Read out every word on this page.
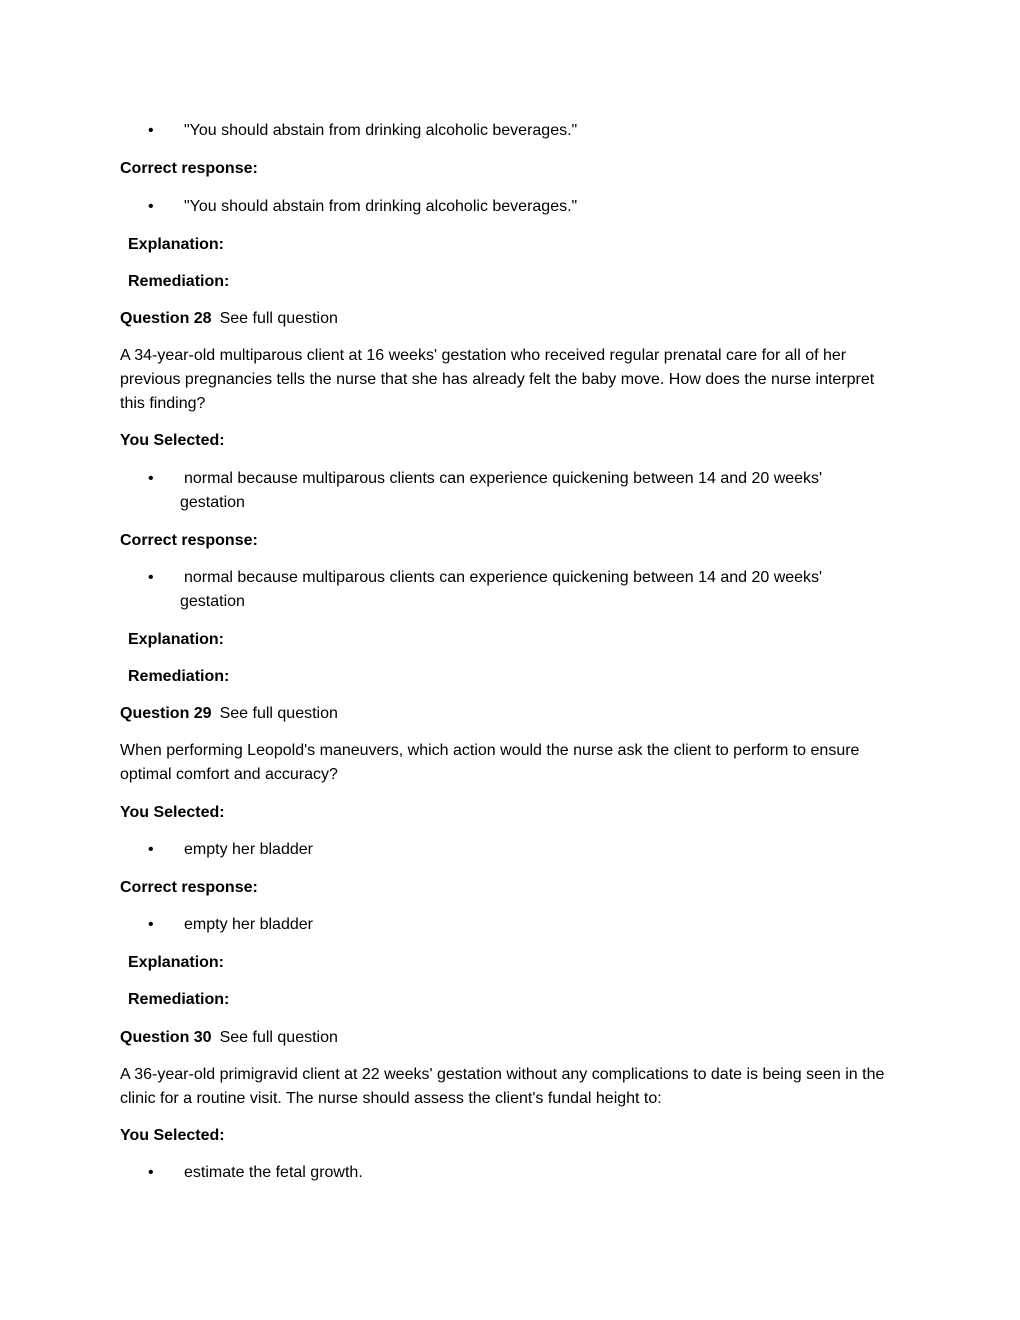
•	"You should abstain from drinking alcoholic beverages."

Correct response:

•	"You should abstain from drinking alcoholic beverages."

Explanation:

Remediation:

Question 28 See full question

A 34-year-old multiparous client at 16 weeks' gestation who received regular prenatal care for all of her previous pregnancies tells the nurse that she has already felt the baby move. How does the nurse interpret this finding?

You Selected:

•	normal because multiparous clients can experience quickening between 14 and 20 weeks' gestation

Correct response:

•	normal because multiparous clients can experience quickening between 14 and 20 weeks' gestation

Explanation:

Remediation:

Question 29 See full question

When performing Leopold's maneuvers, which action would the nurse ask the client to perform to ensure optimal comfort and accuracy?

You Selected:

•	empty her bladder

Correct response:

•	empty her bladder

Explanation:

Remediation:

Question 30 See full question

A 36-year-old primigravid client at 22 weeks' gestation without any complications to date is being seen in the clinic for a routine visit. The nurse should assess the client's fundal height to:

You Selected:

•	estimate the fetal growth.
